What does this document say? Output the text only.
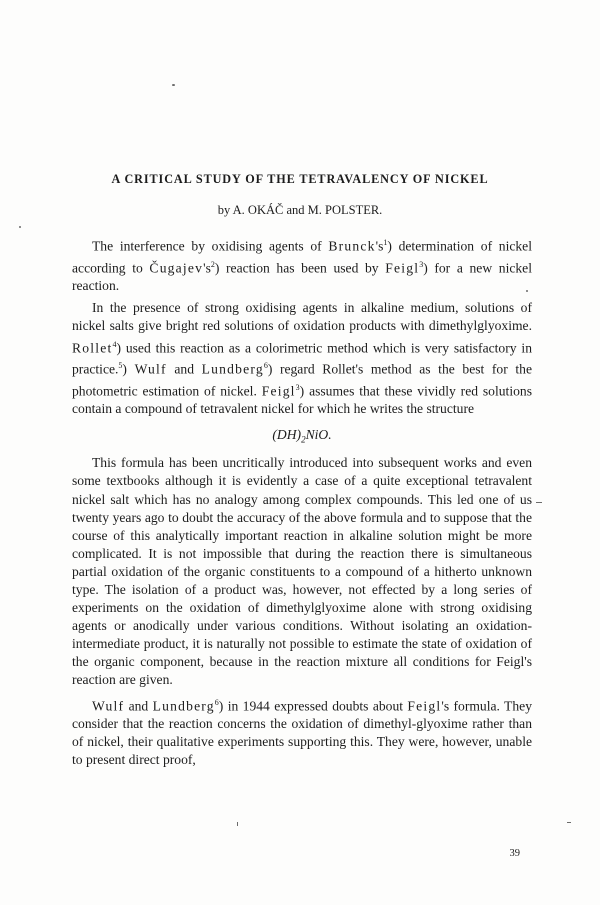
A CRITICAL STUDY OF THE TETRAVALENCY OF NICKEL
by A. OKÁČ and M. POLSTER.

The interference by oxidising agents of $Brunck's^1$) determination of nickel according to $Čugajev's^2$) reaction has been used by Feigl$^3$) for a new nickel reaction.

In the presence of strong oxidising agents in alkaline medium, solutions of nickel salts give bright red solutions of oxidation products with dimethylglyoxime. Rollet$^4$) used this reaction as a colorimetric method which is very satisfactory in practice.$^5$) Wulf and Lundberg$^6$) regard Rollet's method as the best for the photometric estimation of nickel. Feigl$^3$) assumes that these vividly red solutions contain a compound of tetravalent nickel for which he writes the structure

$(DH)_2NiO$.

This formula has been uncritically introduced into subsequent works and even some textbooks although it is evidently a case of a quite exceptional tetravalent nickel salt which has no analogy among complex compounds. This led one of us twenty years ago to doubt the accuracy of the above formula and to suppose that the course of this analytically important reaction in alkaline solution might be more complicated. It is not impossible that during the reaction there is simultaneous partial oxidation of the organic constituents to a compound of a hitherto unknown type. The isolation of a product was, however, not effected by a long series of experiments on the oxidation of dimethylglyoxime alone with strong oxidising agents or anodically under various conditions. Without isolating an oxidation-intermediate product, it is naturally not possible to estimate the state of oxidation of the organic component, because in the reaction mixture all conditions for Feigl's reaction are given.

Wulf and Lundberg$^6$) in 1944 expressed doubts about Feigl's formula. They consider that the reaction concerns the oxidation of dimethyl-glyoxime rather than of nickel, their qualitative experiments supporting this. They were, however, unable to present direct proof,

39
